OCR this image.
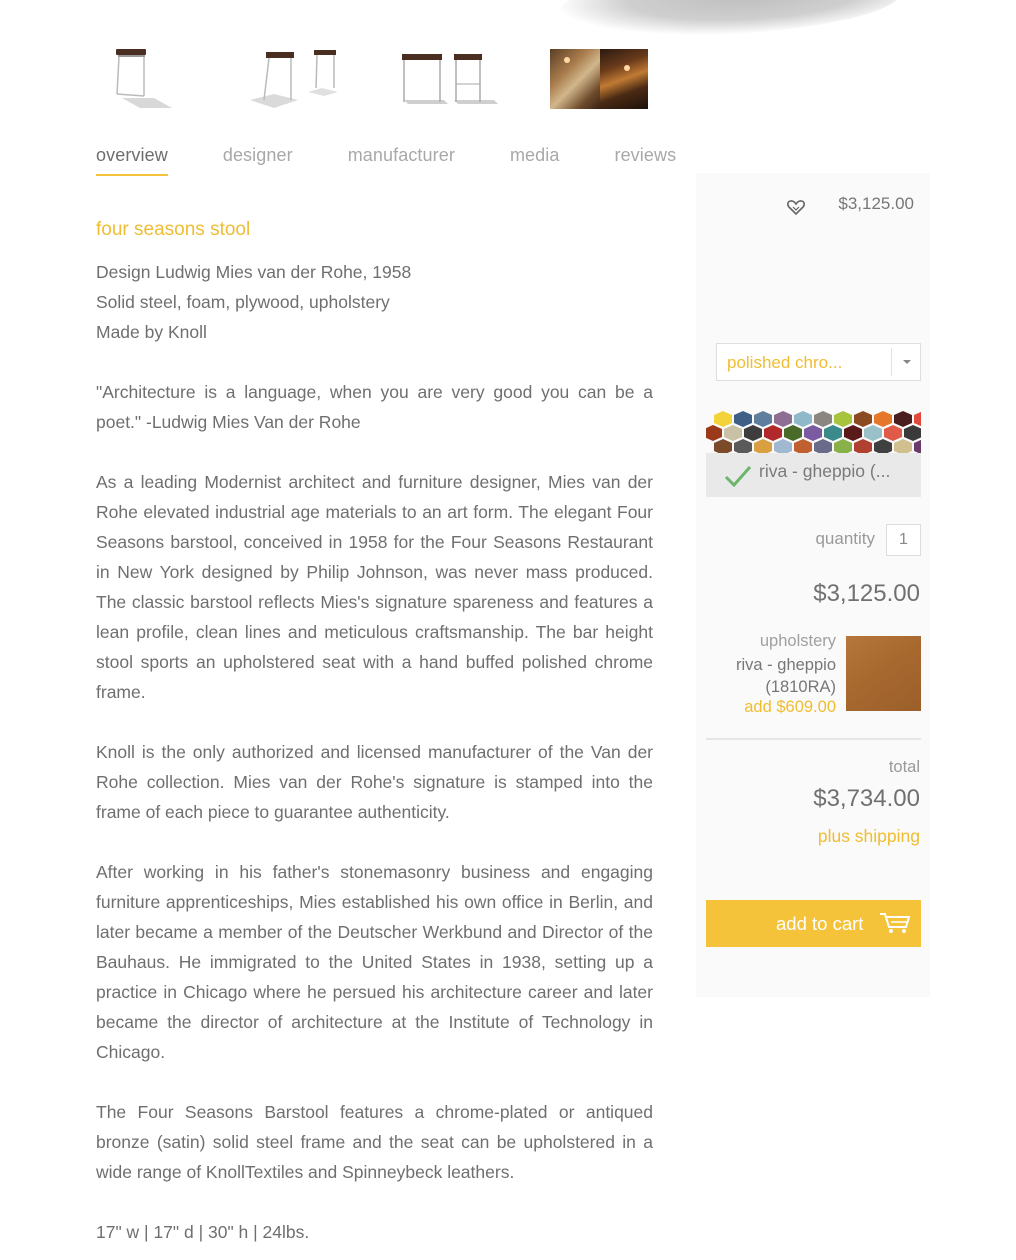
overview	designer	manufacturer	media	reviews
four seasons stool

Design Ludwig Mies van der Rohe, 1958
Solid steel, foam, plywood, upholstery
Made by Knoll

"Architecture is a language, when you are very good you can be a poet." -Ludwig Mies Van der Rohe

As a leading Modernist architect and furniture designer, Mies van der Rohe elevated industrial age materials to an art form. The elegant Four Seasons barstool, conceived in 1958 for the Four Seasons Restaurant in New York designed by Philip Johnson, was never mass produced. The classic barstool reflects Mies's signature spareness and features a lean profile, clean lines and meticulous craftsmanship. The bar height stool sports an upholstered seat with a hand buffed polished chrome frame.

Knoll is the only authorized and licensed manufacturer of the Van der Rohe collection. Mies van der Rohe's signature is stamped into the frame of each piece to guarantee authenticity.

After working in his father's stonemasonry business and engaging furniture apprenticeships, Mies established his own office in Berlin, and later became a member of the Deutscher Werkbund and Director of the Bauhaus. He immigrated to the United States in 1938, setting up a practice in Chicago where he persued his architecture career and later became the director of architecture at the Institute of Technology in Chicago.

The Four Seasons Barstool features a chrome-plated or antiqued bronze (satin) solid steel frame and the seat can be upholstered in a wide range of KnollTextiles and Spinneybeck leathers.

17" w | 17" d | 30" h | 24lbs.

$3,125.00
polished chro...
riva - gheppio (...
quantity
1
$3,125.00
upholstery
riva - gheppio
(1810RA)
add $609.00
total
$3,734.00
plus shipping
add to cart
